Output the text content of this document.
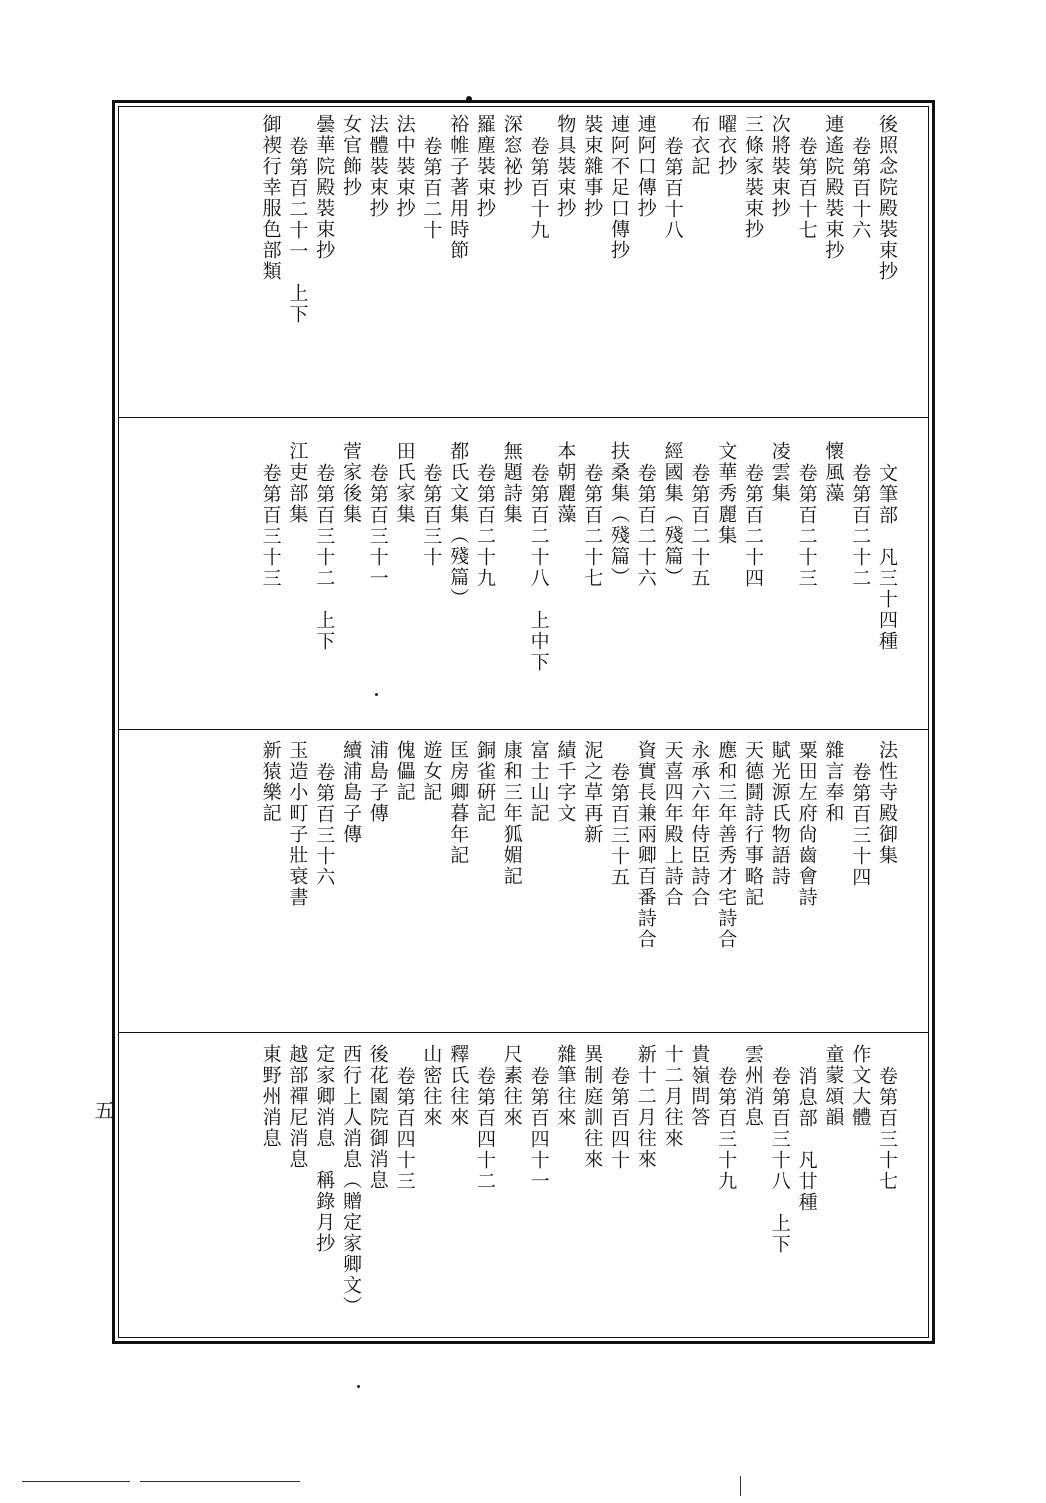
後照念院殿裝束抄
卷第百十六
連遙院殿裝束抄
卷第百十七
次將裝束抄
三條家裝束抄
曜衣抄
布衣記
卷第百十八
連阿口傳抄
連阿不足口傳抄
裝束雜事抄
物具裝束抄
卷第百十九
深窓祕抄
羅塵裝束抄
裕帷子著用時節
卷第百二十
法中裝束抄
法體裝束抄
女官飾抄
曇華院殿裝束抄
卷第百二十一　上下
御禊行幸服色部類
文筆部　凡三十四種
卷第百二十二
懷風藻
卷第百二十三
凌雲集
卷第百二十四
文華秀麗集
卷第百二十五
經國集（殘篇）
卷第百二十六
扶桑集（殘篇）
卷第百二十七
本朝麗藻
卷第百二十八　上中下
無題詩集
卷第百二十九
都氏文集（殘篇）
卷第百三十
田氏家集
卷第百三十一
菅家後集
卷第百三十二　上下
江吏部集
卷第百三十三
法性寺殿御集
卷第百三十四
雜言奉和
粟田左府尙齒會詩
賦光源氏物語詩
天德鬪詩行事略記
應和三年善秀才宅詩合
永承六年侍臣詩合
天喜四年殿上詩合
資實長兼兩卿百番詩合
卷第百三十五
泥之草再新
績千字文
富士山記
康和三年狐媚記
銅雀硏記
匡房卿暮年記
遊女記
傀儡記
浦島子傳
續浦島子傳
卷第百三十六
玉造小町子壯衰書
新猿樂記
卷第百三十七
作文大體
童蒙頌韻
消息部　凡廿種
卷第百三十八　上下
雲州消息
卷第百三十九
貴嶺問答
十二月往來
新十二月往來
卷第百四十
異制庭訓往來
雜筆往來
卷第百四十一
尺素往來
卷第百四十二
釋氏往來
山密往來
卷第百四十三
後花園院御消息
西行上人消息（贈定家卿文）
定家卿消息　稱錄月抄
越部禪尼消息
東野州消息
五
